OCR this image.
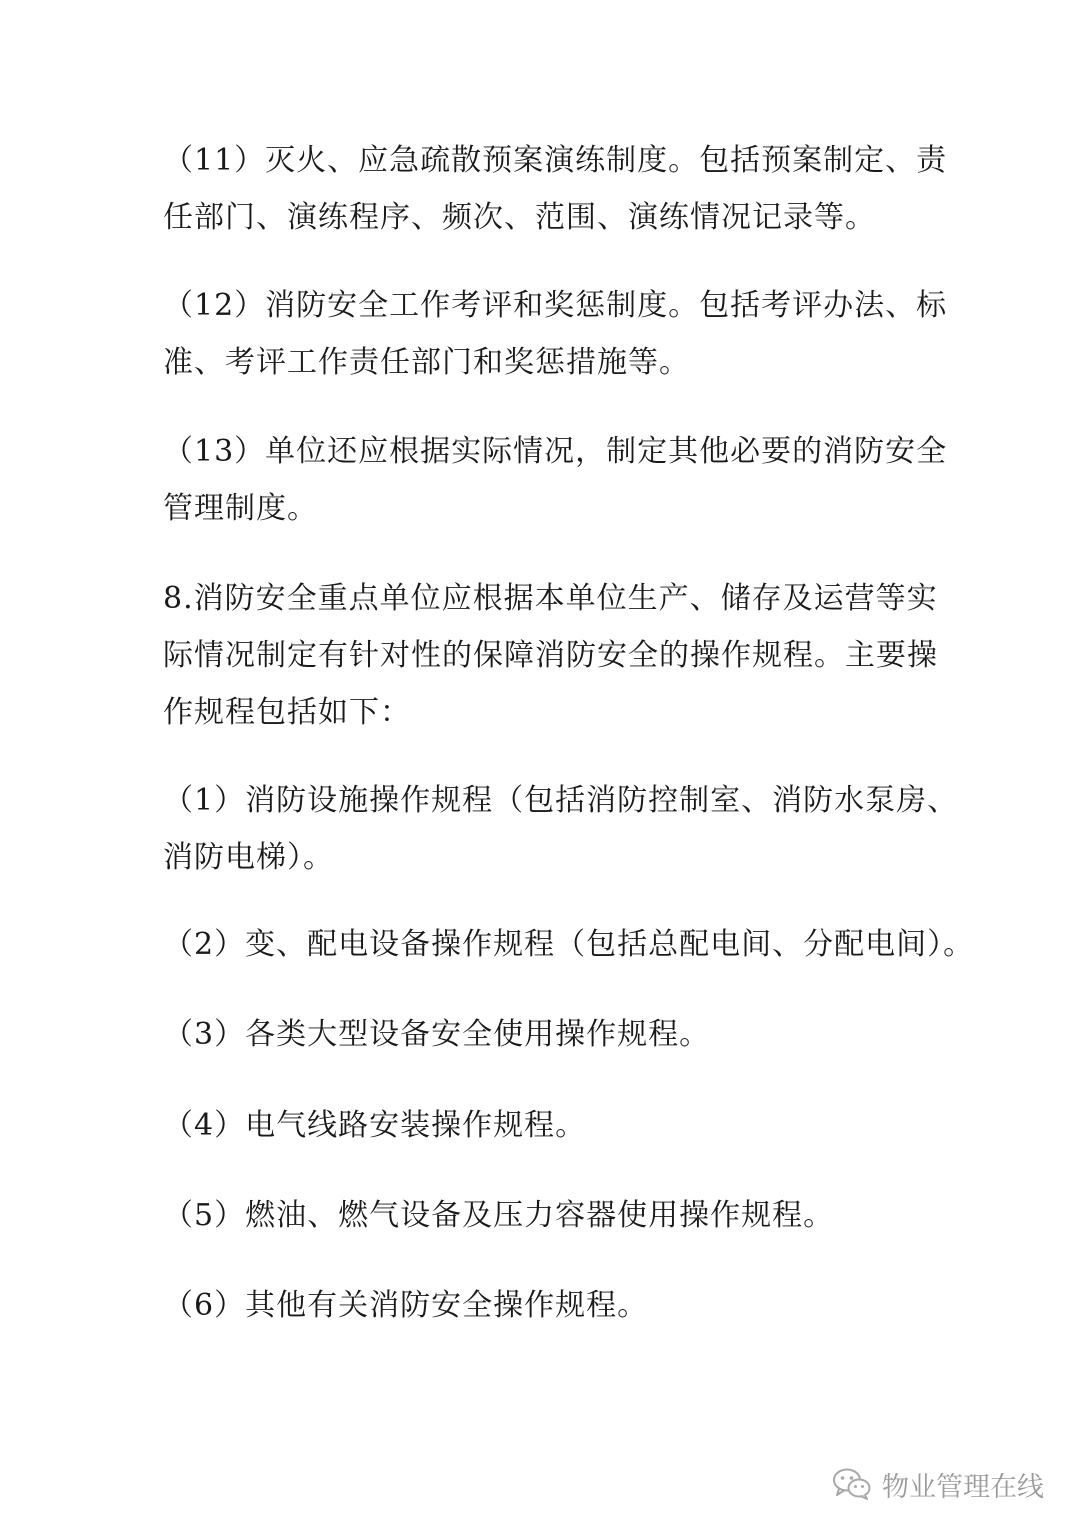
（11）灭火、应急疏散预案演练制度。包括预案制定、责
任部门、演练程序、频次、范围、演练情况记录等。

（12）消防安全工作考评和奖惩制度。包括考评办法、标
准、考评工作责任部门和奖惩措施等。

（13）单位还应根据实际情况，制定其他必要的消防安全
管理制度。

8.消防安全重点单位应根据本单位生产、储存及运营等实
际情况制定有针对性的保障消防安全的操作规程。主要操
作规程包括如下：

（1）消防设施操作规程（包括消防控制室、消防水泵房、
消防电梯）。

（2）变、配电设备操作规程（包括总配电间、分配电间）。

（3）各类大型设备安全使用操作规程。

（4）电气线路安装操作规程。

（5）燃油、燃气设备及压力容器使用操作规程。

（6）其他有关消防安全操作规程。

物业管理在线
